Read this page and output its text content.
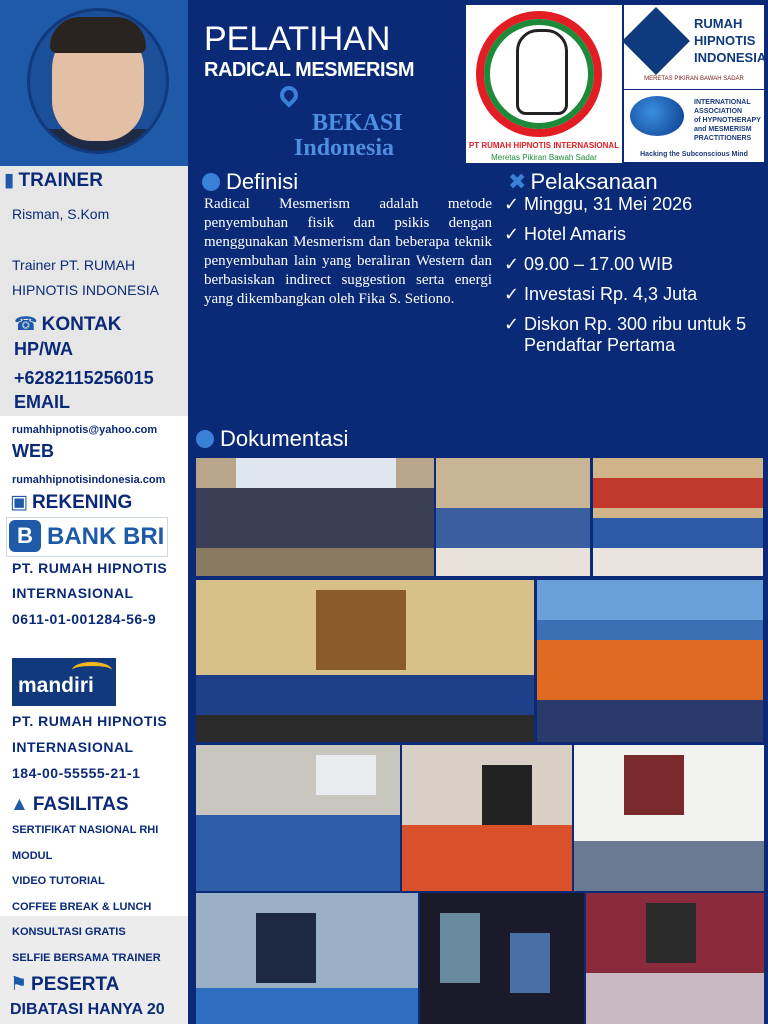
▮ TRAINER
Risman, S.Kom
Trainer PT. RUMAH
HIPNOTIS INDONESIA
☎ KONTAK
HP/WA
+6282115256015
EMAIL
rumahhipnotis@yahoo.com
WEB
rumahhipnotisindonesia.com
▣ REKENING
B BANK BRI
PT. RUMAH HIPNOTIS
INTERNASIONAL
0611-01-001284-56-9
mandiri
PT. RUMAH HIPNOTIS
INTERNASIONAL
184-00-55555-21-1
▲ FASILITAS
SERTIFIKAT NASIONAL RHI
MODUL
VIDEO TUTORIAL
COFFEE BREAK & LUNCH
KONSULTASI GRATIS
SELFIE BERSAMA TRAINER
⚑ PESERTA
DIBATASI HANYA 20
PELATIHAN
RADICAL MESMERISM
BEKASI
Indonesia	PT RUMAH HIPNOTIS INTERNASIONAL
Meretas Pikiran Bawah Sadar
RUMAH
HIPNOTIS
INDONESIA
MERETAS PIKIRAN BAWAH SADAR
INTERNATIONAL
ASSOCIATION
of HYPNOTHERAPY
and MESMERISM
PRACTITIONERS
Hacking the Subconscious Mind
Definisi
Radical Mesmerism adalah metode penyembuhan fisik dan psikis dengan menggunakan Mesmerism dan beberapa teknik penyembuhan lain yang beraliran Western dan berbasiskan indirect suggestion serta energi yang dikembangkan oleh Fika S. Setiono.
✖ Pelaksanaan
✓ Minggu, 31 Mei 2026
✓ Hotel Amaris
✓ 09.00 – 17.00 WIB
✓ Investasi Rp. 4,3 Juta
✓ Diskon Rp. 300 ribu untuk 5 Pendaftar Pertama
Dokumentasi
